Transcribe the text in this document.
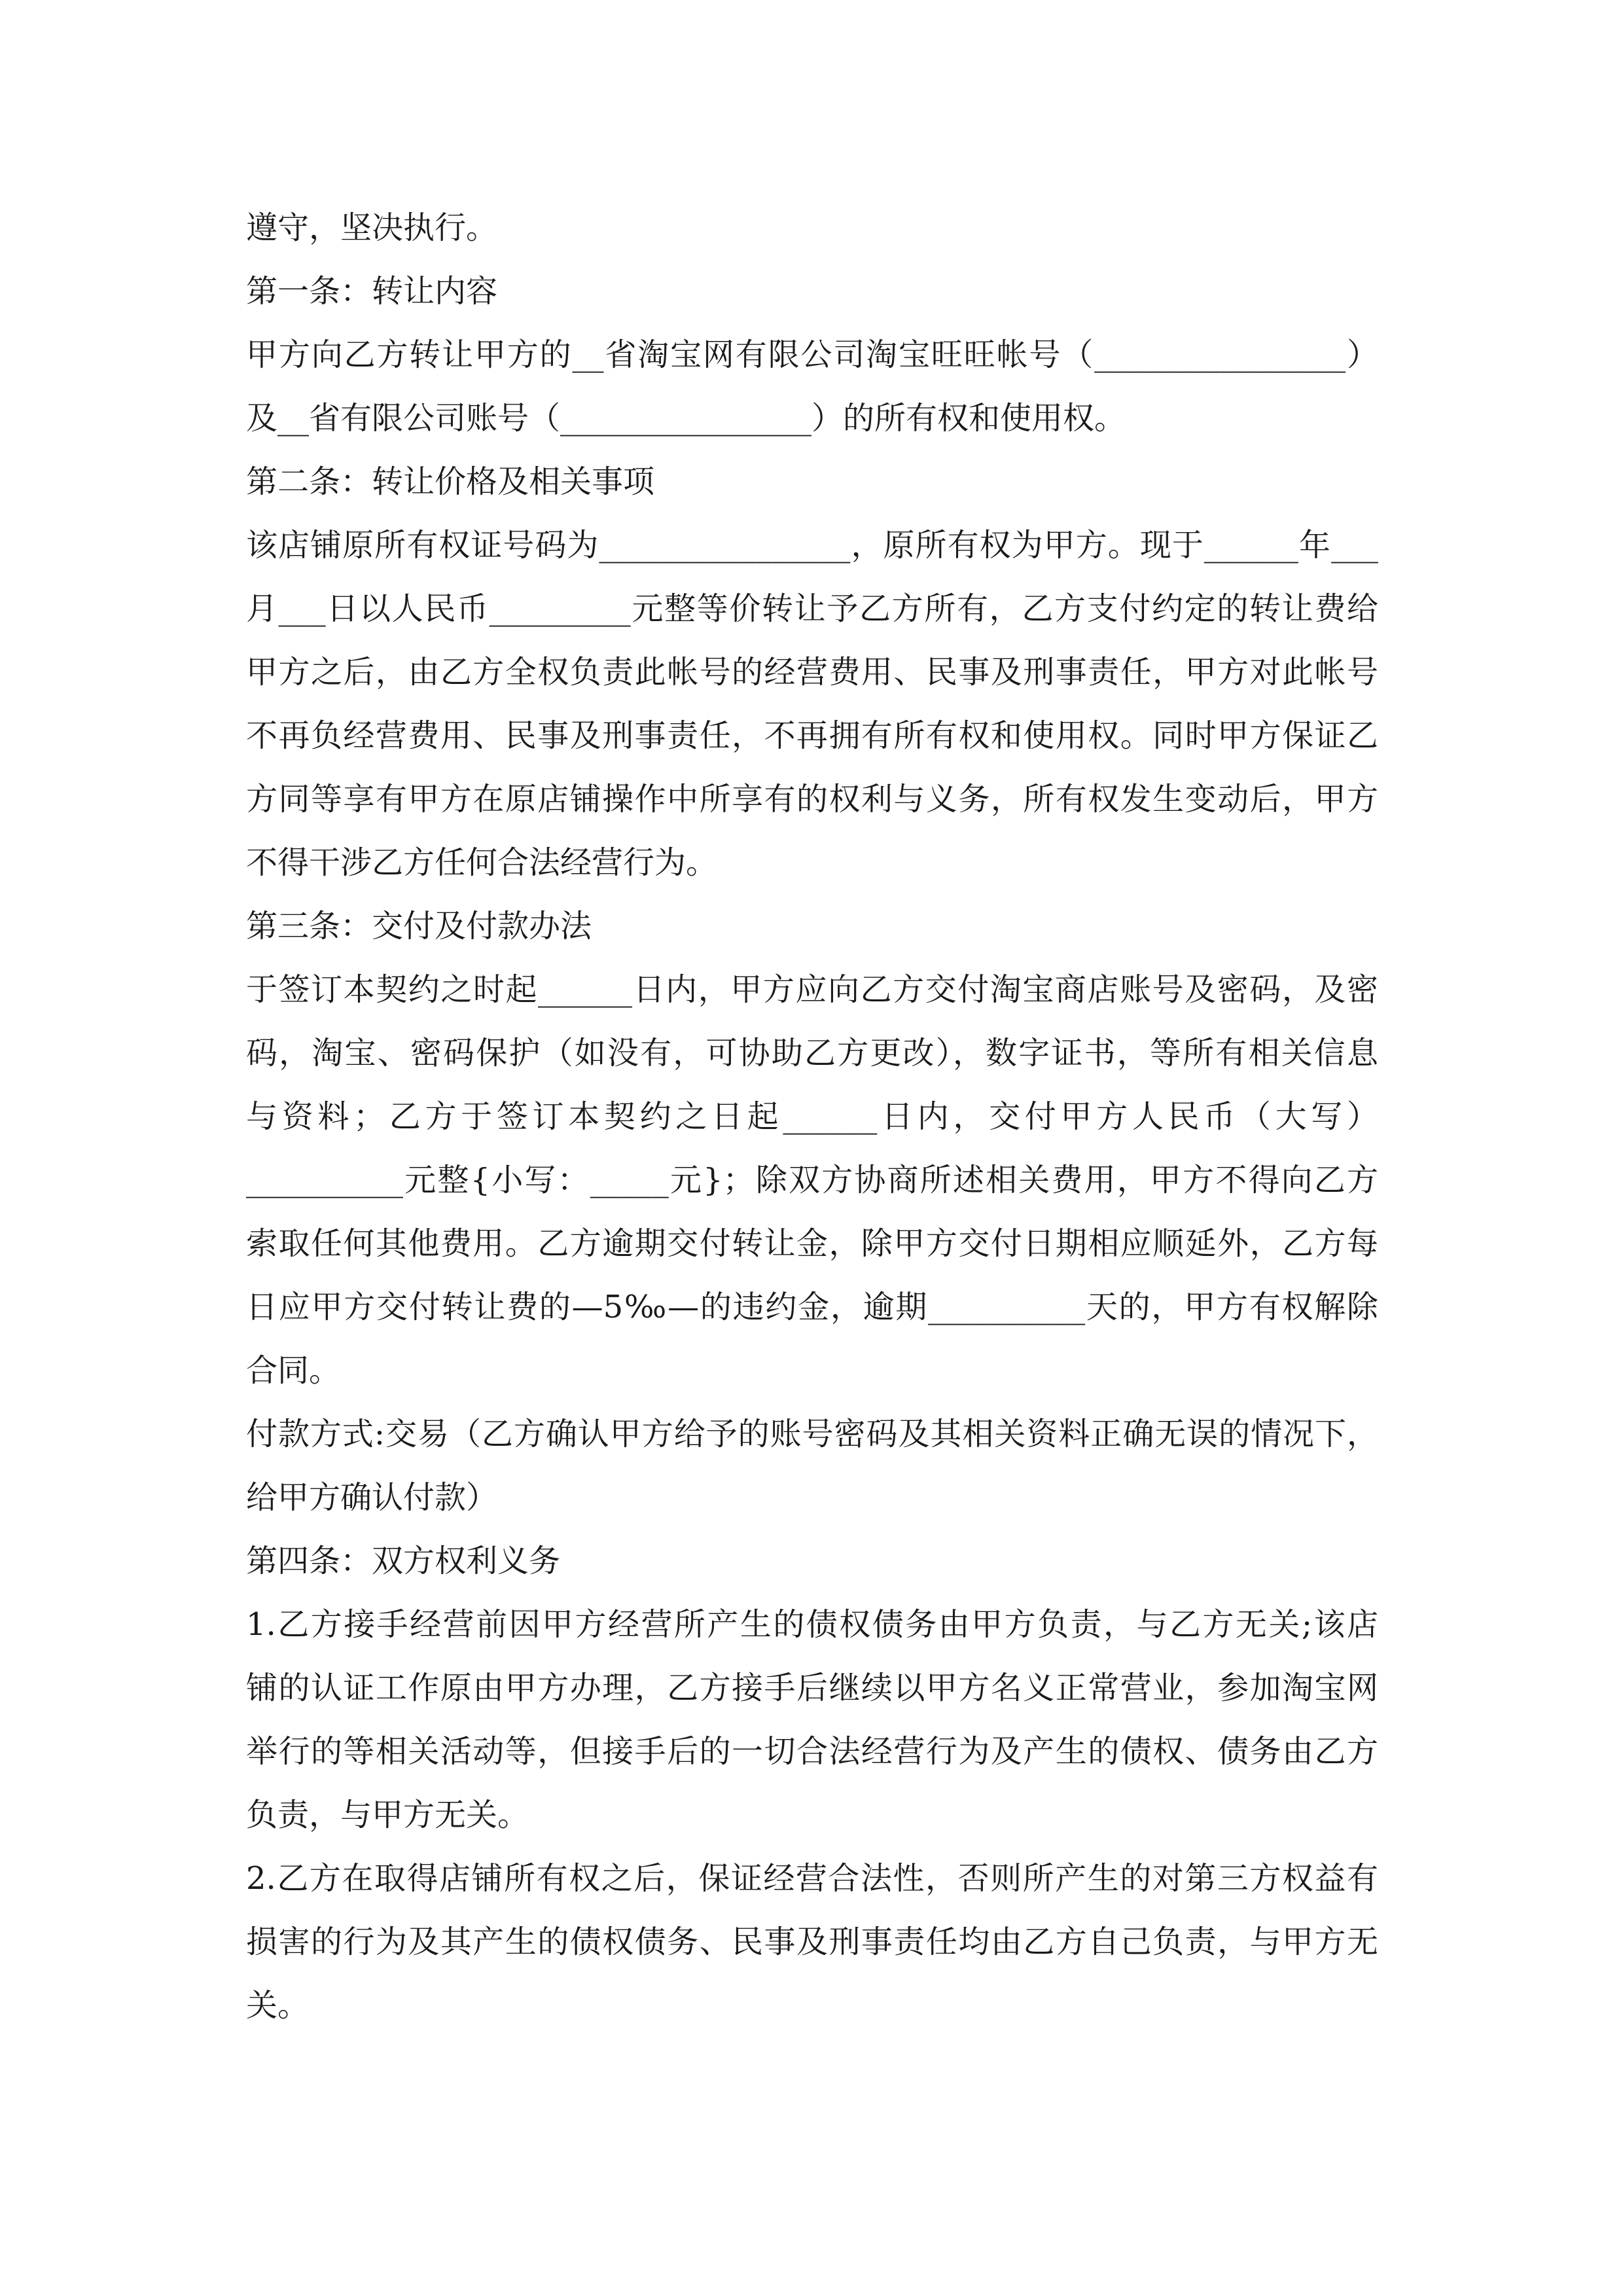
遵守，坚决执行。
第一条：转让内容
甲方向乙方转让甲方的__省淘宝网有限公司淘宝旺旺帐号（________________）
及__省有限公司账号（________________）的所有权和使用权。
第二条：转让价格及相关事项
该店铺原所有权证号码为________________，原所有权为甲方。现于______年___
月___日以人民币_________元整等价转让予乙方所有，乙方支付约定的转让费给
甲方之后，由乙方全权负责此帐号的经营费用、民事及刑事责任，甲方对此帐号
不再负经营费用、民事及刑事责任，不再拥有所有权和使用权。同时甲方保证乙
方同等享有甲方在原店铺操作中所享有的权利与义务，所有权发生变动后，甲方
不得干涉乙方任何合法经营行为。
第三条：交付及付款办法
于签订本契约之时起______日内，甲方应向乙方交付淘宝商店账号及密码，及密
码，淘宝、密码保护（如没有，可协助乙方更改），数字证书，等所有相关信息
与资料；乙方于签订本契约之日起______日内，交付甲方人民币（大写）
__________元整{小写：_____元}；除双方协商所述相关费用，甲方不得向乙方
索取任何其他费用。乙方逾期交付转让金，除甲方交付日期相应顺延外，乙方每
日应甲方交付转让费的—5‰—的违约金，逾期__________天的，甲方有权解除
合同。
付款方式:交易（乙方确认甲方给予的账号密码及其相关资料正确无误的情况下，
给甲方确认付款）
第四条：双方权利义务
1.乙方接手经营前因甲方经营所产生的债权债务由甲方负责，与乙方无关;该店
铺的认证工作原由甲方办理，乙方接手后继续以甲方名义正常营业，参加淘宝网
举行的等相关活动等，但接手后的一切合法经营行为及产生的债权、债务由乙方
负责，与甲方无关。
2.乙方在取得店铺所有权之后，保证经营合法性，否则所产生的对第三方权益有
损害的行为及其产生的债权债务、民事及刑事责任均由乙方自己负责，与甲方无
关。
